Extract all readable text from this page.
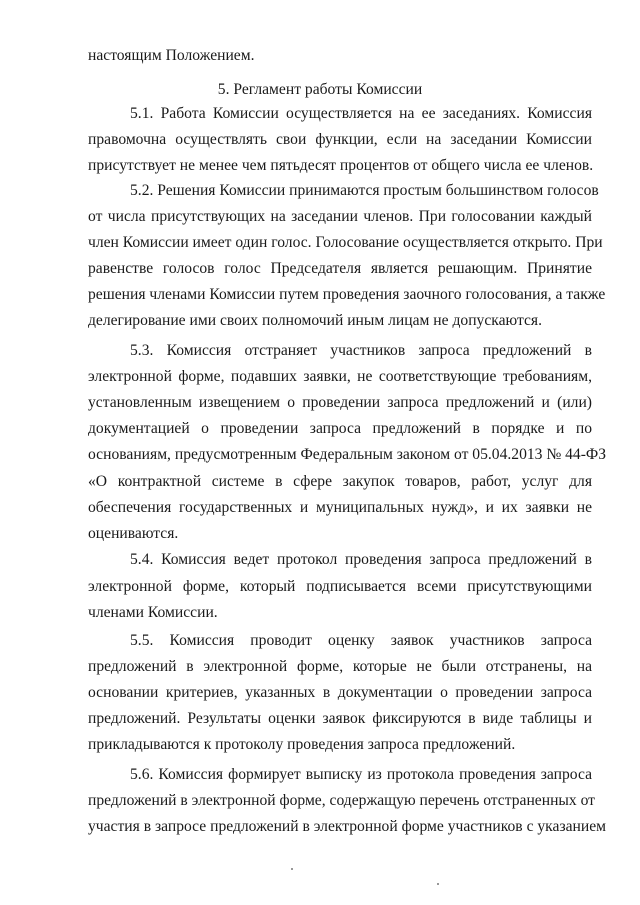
настоящим Положением.
5. Регламент работы Комиссии
5.1. Работа Комиссии осуществляется на ее заседаниях. Комиссия
правомочна осуществлять свои функции, если на заседании Комиссии
присутствует не менее чем пятьдесят процентов от общего числа ее членов.
5.2. Решения Комиссии принимаются простым большинством голосов
от числа присутствующих на заседании членов. При голосовании каждый
член Комиссии имеет один голос. Голосование осуществляется открыто. При
равенстве голосов голос Председателя является решающим. Принятие
решения членами Комиссии путем проведения заочного голосования, а также
делегирование ими своих полномочий иным лицам не допускаются.
5.3. Комиссия отстраняет участников запроса предложений в
электронной форме, подавших заявки, не соответствующие требованиям,
установленным извещением о проведении запроса предложений и (или)
документацией о проведении запроса предложений в порядке и по
основаниям, предусмотренным Федеральным законом от 05.04.2013 № 44-ФЗ
«О контрактной системе в сфере закупок товаров, работ, услуг для
обеспечения государственных и муниципальных нужд», и их заявки не
оцениваются.
5.4. Комиссия ведет протокол проведения запроса предложений в
электронной форме, который подписывается всеми присутствующими
членами Комиссии.
5.5. Комиссия проводит оценку заявок участников запроса
предложений в электронной форме, которые не были отстранены, на
основании критериев, указанных в документации о проведении запроса
предложений. Результаты оценки заявок фиксируются в виде таблицы и
прикладываются к протоколу проведения запроса предложений.
5.6. Комиссия формирует выписку из протокола проведения запроса
предложений в электронной форме, содержащую перечень отстраненных от
участия в запросе предложений в электронной форме участников с указанием
